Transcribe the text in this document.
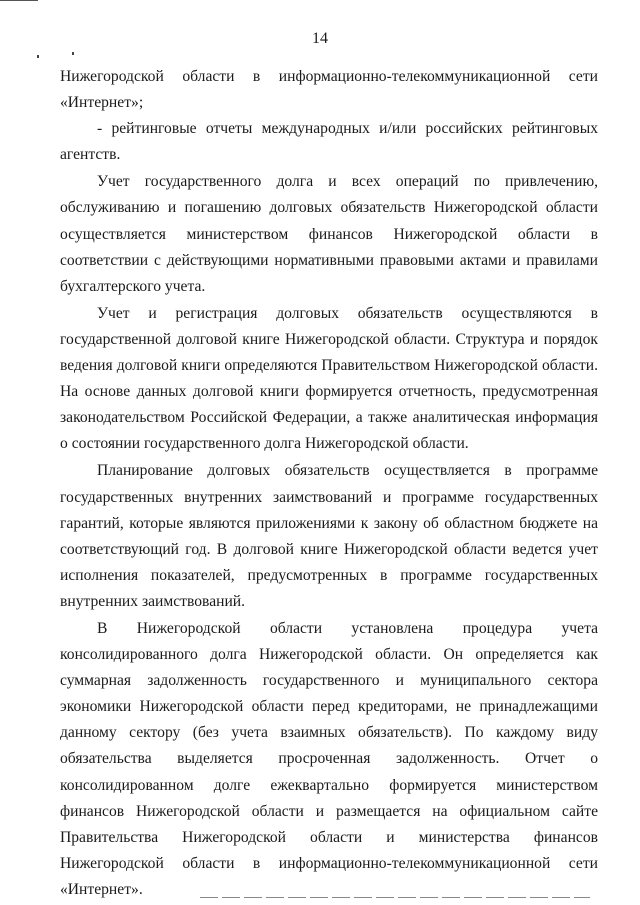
14

Нижегородской области в информационно-телекоммуникационной сети «Интернет»;

- рейтинговые отчеты международных и/или российских рейтинговых агентств.

Учет государственного долга и всех операций по привлечению, обслуживанию и погашению долговых обязательств Нижегородской области осуществляется министерством финансов Нижегородской области в соответствии с действующими нормативными правовыми актами и правилами бухгалтерского учета.

Учет и регистрация долговых обязательств осуществляются в государственной долговой книге Нижегородской области. Структура и порядок ведения долговой книги определяются Правительством Нижегородской области. На основе данных долговой книги формируется отчетность, предусмотренная законодательством Российской Федерации, а также аналитическая информация о состоянии государственного долга Нижегородской области.

Планирование долговых обязательств осуществляется в программе государственных внутренних заимствований и программе государственных гарантий, которые являются приложениями к закону об областном бюджете на соответствующий год. В долговой книге Нижегородской области ведется учет исполнения показателей, предусмотренных в программе государственных внутренних заимствований.

В Нижегородской области установлена процедура учета консолидированного долга Нижегородской области. Он определяется как суммарная задолженность государственного и муниципального сектора экономики Нижегородской области перед кредиторами, не принадлежащими данному сектору (без учета взаимных обязательств). По каждому виду обязательства выделяется просроченная задолженность. Отчет о консолидированном долге ежеквартально формируется министерством финансов Нижегородской области и размещается на официальном сайте Правительства Нижегородской области и министерства финансов Нижегородской области в информационно-телекоммуникационной сети «Интернет».
